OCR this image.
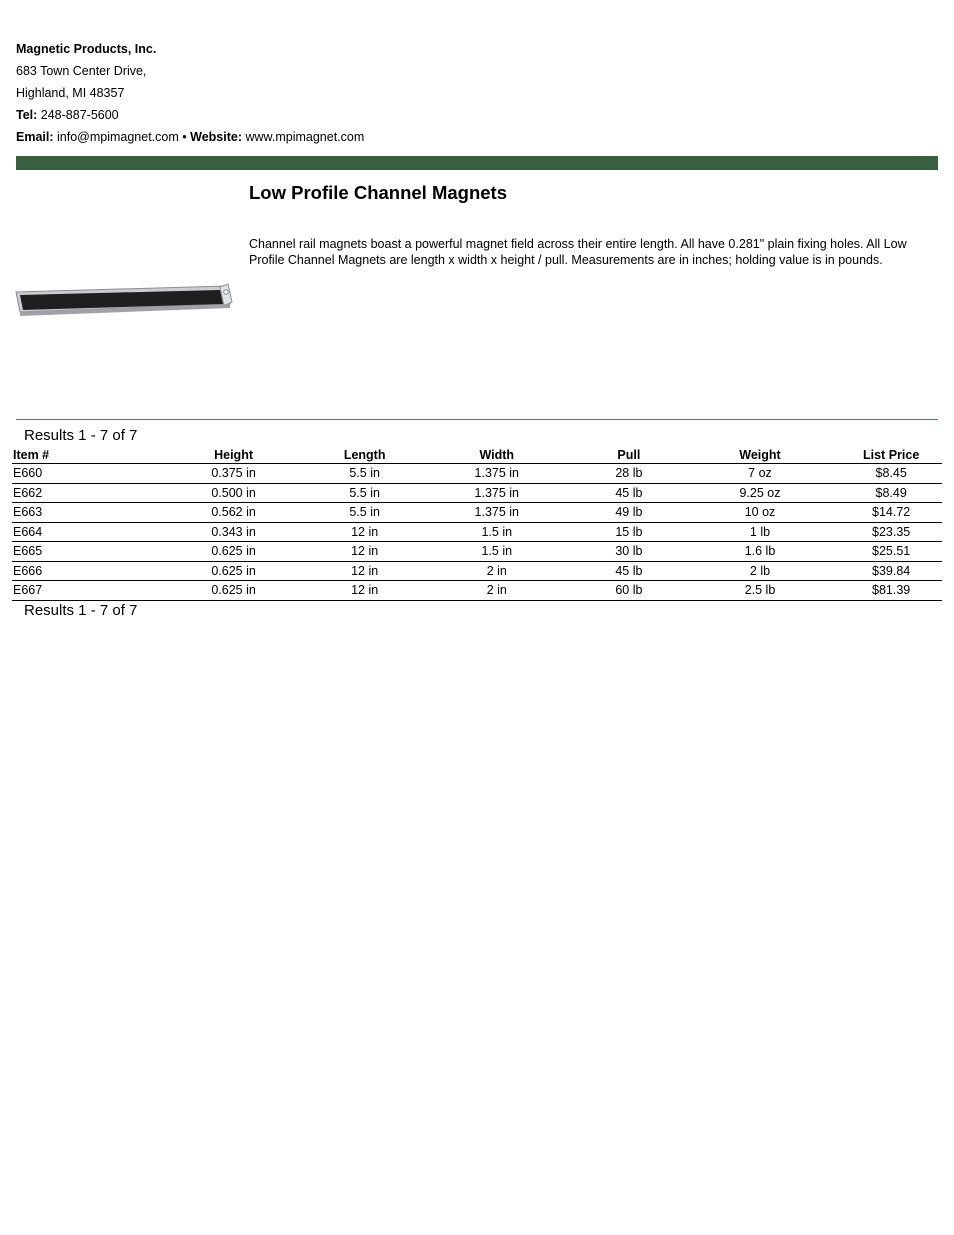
Magnetic Products, Inc.
683 Town Center Drive,
Highland, MI 48357
Tel: 248-887-5600
Email: info@mpimagnet.com • Website: www.mpimagnet.com
Low Profile Channel Magnets
Channel rail magnets boast a powerful magnet field across their entire length. All have 0.281" plain fixing holes. All Low Profile Channel Magnets are length x width x height / pull. Measurements are in inches; holding value is in pounds.
Results 1 - 7 of 7
Item #	Height	Length	Width	Pull	Weight	List Price
E660	0.375 in	5.5 in	1.375 in	28 lb	7 oz	$8.45
E662	0.500 in	5.5 in	1.375 in	45 lb	9.25 oz	$8.49
E663	0.562 in	5.5 in	1.375 in	49 lb	10 oz	$14.72
E664	0.343 in	12 in	1.5 in	15 lb	1 lb	$23.35
E665	0.625 in	12 in	1.5 in	30 lb	1.6 lb	$25.51
E666	0.625 in	12 in	2 in	45 lb	2 lb	$39.84
E667	0.625 in	12 in	2 in	60 lb	2.5 lb	$81.39
Results 1 - 7 of 7
